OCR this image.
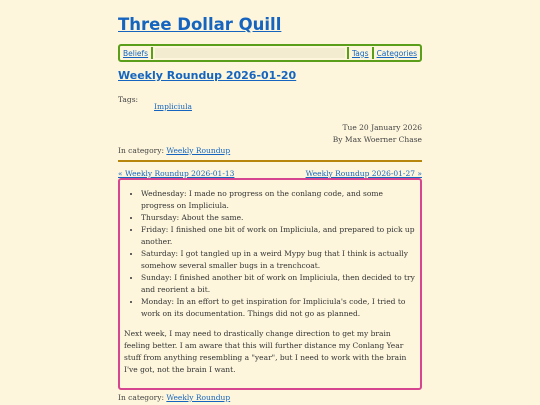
Three Dollar Quill
Beliefs	Tags	Categories
Weekly Roundup 2026-01-20
Tags:
Impliciula
Tue 20 January 2026
By Max Woerner Chase
In category: Weekly Roundup
« Weekly Roundup 2026-01-13	Weekly Roundup 2026-01-27 »
• Wednesday: I made no progress on the conlang code, and some progress on Impliciula.
• Thursday: About the same.
• Friday: I finished one bit of work on Impliciula, and prepared to pick up another.
• Saturday: I got tangled up in a weird Mypy bug that I think is actually somehow several smaller bugs in a trenchcoat.
• Sunday: I finished another bit of work on Impliciula, then decided to try and reorient a bit.
• Monday: In an effort to get inspiration for Impliciula's code, I tried to work on its documentation. Things did not go as planned.

Next week, I may need to drastically change direction to get my brain feeling better. I am aware that this will further distance my Conlang Year stuff from anything resembling a "year", but I need to work with the brain I've got, not the brain I want.

In category: Weekly Roundup
